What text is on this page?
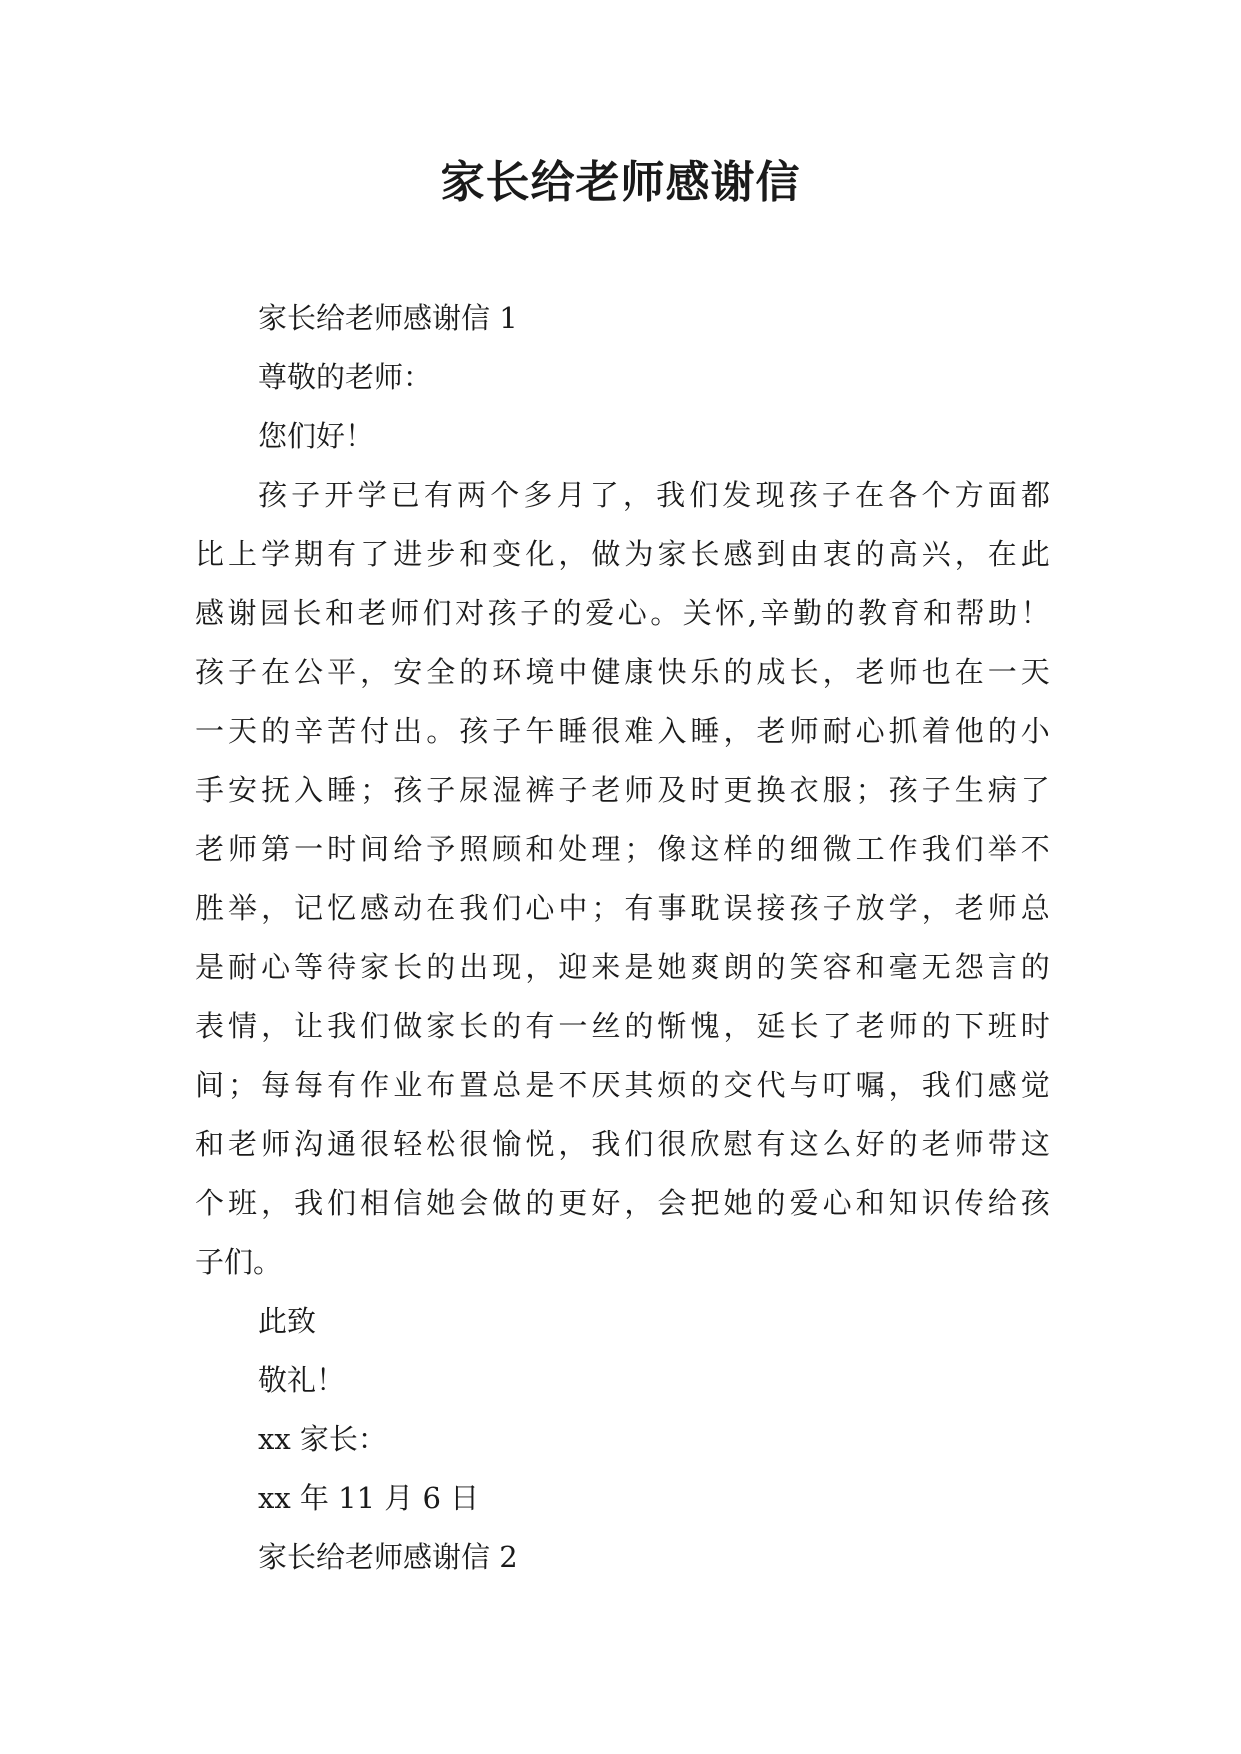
家长给老师感谢信

家长给老师感谢信 1

尊敬的老师：

您们好！

孩 子 开 学 已 有 两 个 多 月 了 ， 我 们 发 现 孩 子 在 各 个 方 面 都

比 上 学 期 有 了 进 步 和 变 化 ， 做 为 家 长 感 到 由 衷 的 高 兴 ， 在 此

感 谢 园 长 和 老 师 们 对 孩 子 的 爱 心 。 关 怀 , 辛 勤 的 教 育 和 帮 助 ！

孩 子 在 公 平 ， 安 全 的 环 境 中 健 康 快 乐 的 成 长 ， 老 师 也 在 一 天

一 天 的 辛 苦 付 出 。 孩 子 午 睡 很 难 入 睡 ， 老 师 耐 心 抓 着 他 的 小

手 安 抚 入 睡 ； 孩 子 尿 湿 裤 子 老 师 及 时 更 换 衣 服 ； 孩 子 生 病 了

老 师 第 一 时 间 给 予 照 顾 和 处 理 ； 像 这 样 的 细 微 工 作 我 们 举 不

胜 举 ， 记 忆 感 动 在 我 们 心 中 ； 有 事 耽 误 接 孩 子 放 学 ， 老 师 总

是 耐 心 等 待 家 长 的 出 现 ， 迎 来 是 她 爽 朗 的 笑 容 和 毫 无 怨 言 的

表 情 ， 让 我 们 做 家 长 的 有 一 丝 的 惭 愧 ， 延 长 了 老 师 的 下 班 时

间 ； 每 每 有 作 业 布 置 总 是 不 厌 其 烦 的 交 代 与 叮 嘱 ， 我 们 感 觉

和 老 师 沟 通 很 轻 松 很 愉 悦 ， 我 们 很 欣 慰 有 这 么 好 的 老 师 带 这

个 班 ， 我 们 相 信 她 会 做 的 更 好 ， 会 把 她 的 爱 心 和 知 识 传 给 孩

子们。

此致

敬礼！

xx 家长：

xx 年 11 月 6 日

家长给老师感谢信 2
